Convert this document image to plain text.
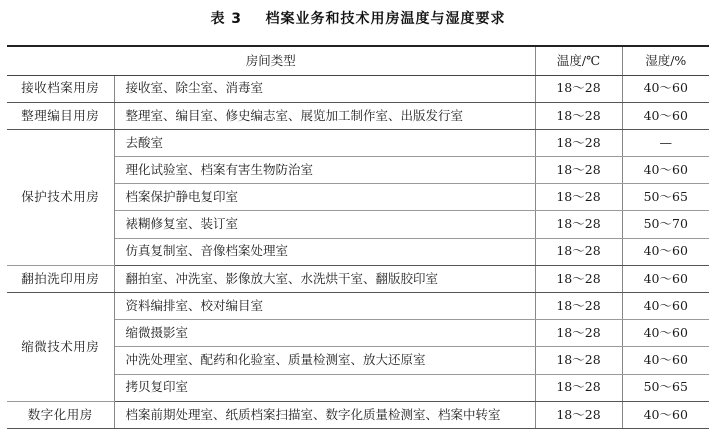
表 3    档案业务和技术用房温度与湿度要求
房间类型		温度/℃	湿度/%
接收档案用房	接收室、除尘室、消毒室	18～28	40～60
整理编目用房	整理室、编目室、修史编志室、展览加工制作室、出版发行室	18～28	40～60
保护技术用房	去酸室	18～28	—
	理化试验室、档案有害生物防治室	18～28	40～60
	档案保护静电复印室	18～28	50～65
	裱糊修复室、装订室	18～28	50～70
	仿真复制室、音像档案处理室	18～28	40～60
翻拍洗印用房	翻拍室、冲洗室、影像放大室、水洗烘干室、翻版胶印室	18～28	40～60
缩微技术用房	资料编排室、校对编目室	18～28	40～60
	缩微摄影室	18～28	40～60
	冲洗处理室、配药和化验室、质量检测室、放大还原室	18～28	40～60
	拷贝复印室	18～28	50～65
数字化用房	档案前期处理室、纸质档案扫描室、数字化质量检测室、档案中转室	18～28	40～60
